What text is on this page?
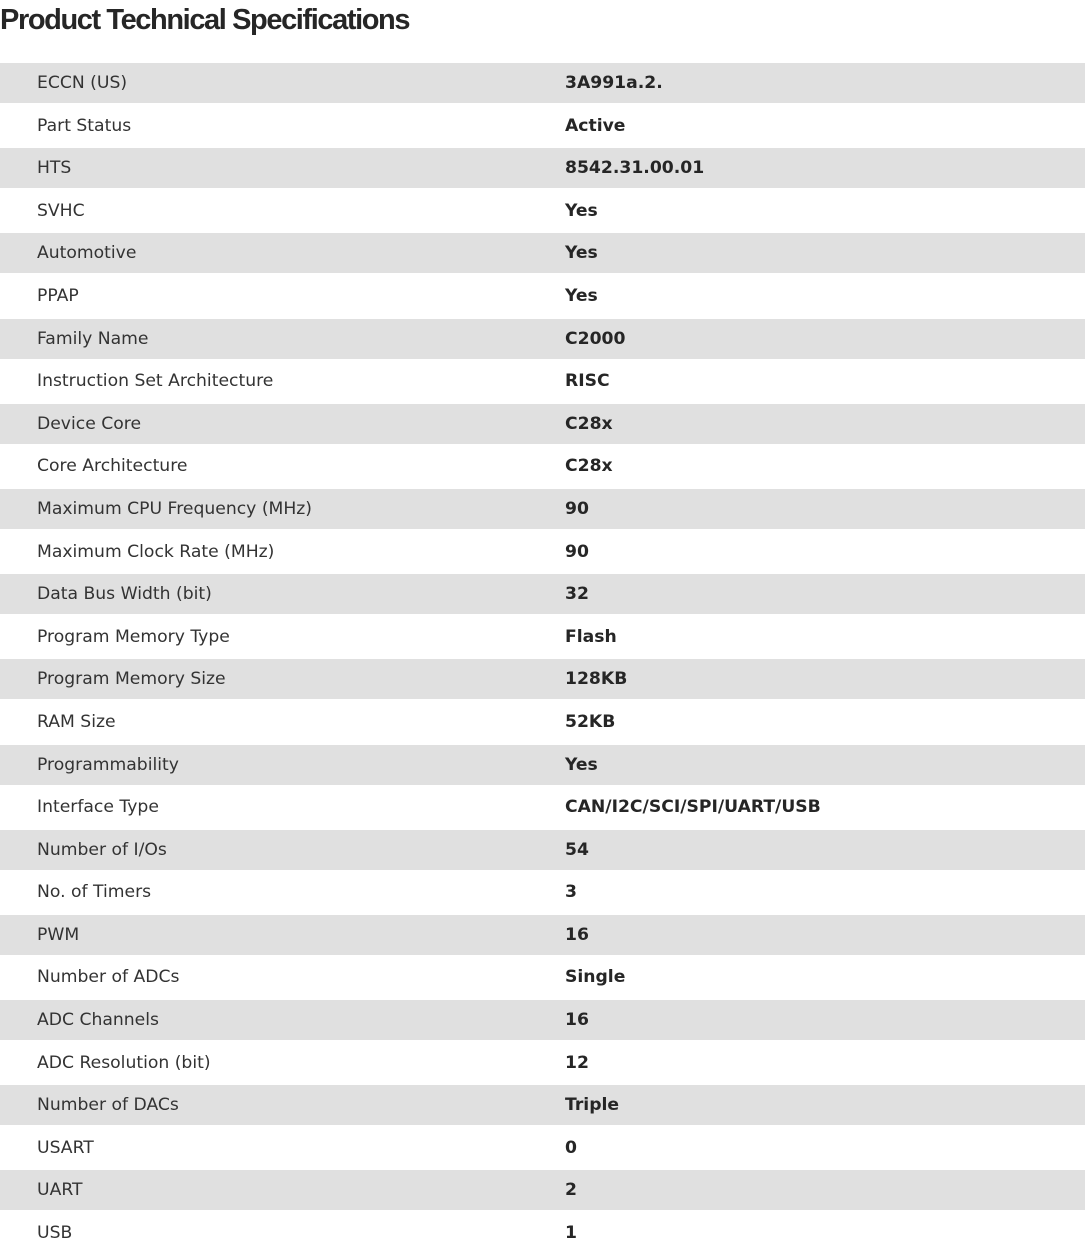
Product Technical Specifications
ECCN (US)	3A991a.2.
Part Status	Active
HTS	8542.31.00.01
SVHC	Yes
Automotive	Yes
PPAP	Yes
Family Name	C2000
Instruction Set Architecture	RISC
Device Core	C28x
Core Architecture	C28x
Maximum CPU Frequency (MHz)	90
Maximum Clock Rate (MHz)	90
Data Bus Width (bit)	32
Program Memory Type	Flash
Program Memory Size	128KB
RAM Size	52KB
Programmability	Yes
Interface Type	CAN/I2C/SCI/SPI/UART/USB
Number of I/Os	54
No. of Timers	3
PWM	16
Number of ADCs	Single
ADC Channels	16
ADC Resolution (bit)	12
Number of DACs	Triple
USART	0
UART	2
USB	1
